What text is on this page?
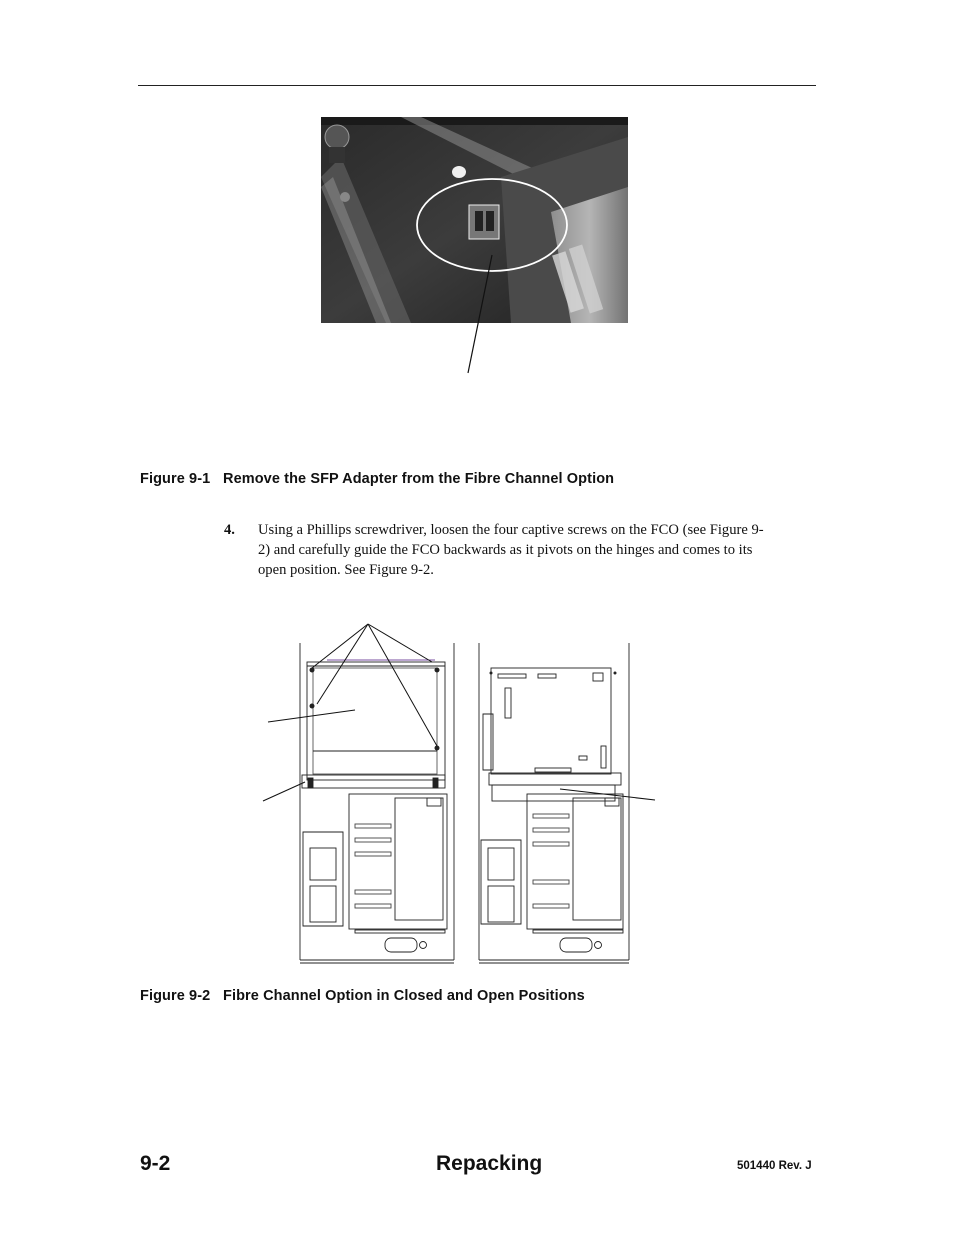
Figure 9-1 Remove the SFP Adapter from the Fibre Channel Option
4. Using a Phillips screwdriver, loosen the four captive screws on the FCO (see Figure 9-2) and carefully guide the FCO backwards as it pivots on the hinges and comes to its open position. See Figure 9-2.
Figure 9-2 Fibre Channel Option in Closed and Open Positions
9-2	Repacking	501440 Rev. J
